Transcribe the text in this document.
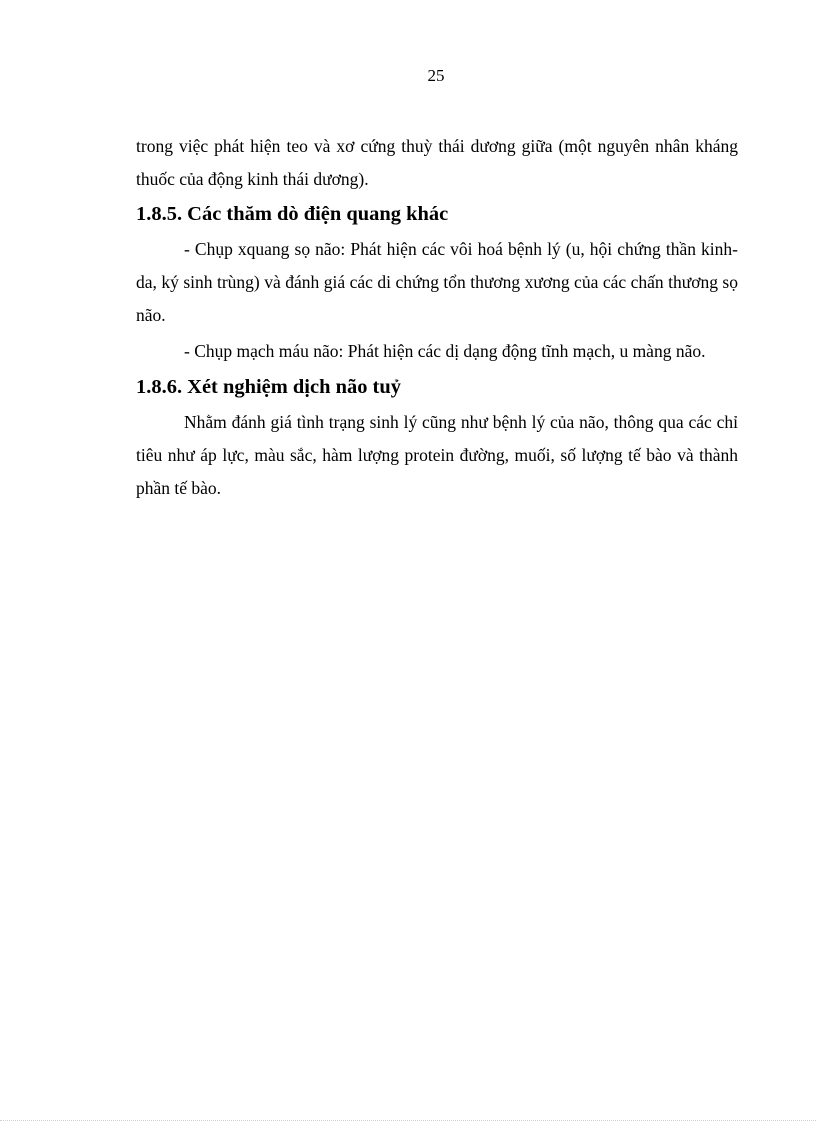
25

trong việc phát hiện teo và xơ cứng thuỳ thái dương giữa (một nguyên nhân kháng thuốc của động kinh thái dương).

1.8.5. Các thăm dò điện quang khác

- Chụp xquang sọ não: Phát hiện các vôi hoá bệnh lý (u, hội chứng thần kinh-da, ký sinh trùng) và đánh giá các di chứng tổn thương xương của các chấn thương sọ não.

- Chụp mạch máu não: Phát hiện các dị dạng động tĩnh mạch, u màng não.

1.8.6. Xét nghiệm dịch não tuỷ

Nhằm đánh giá tình trạng sinh lý cũng như bệnh lý của não, thông qua các chỉ tiêu như áp lực, màu sắc, hàm lượng protein đường, muối, số lượng tế bào và thành phần tế bào.
